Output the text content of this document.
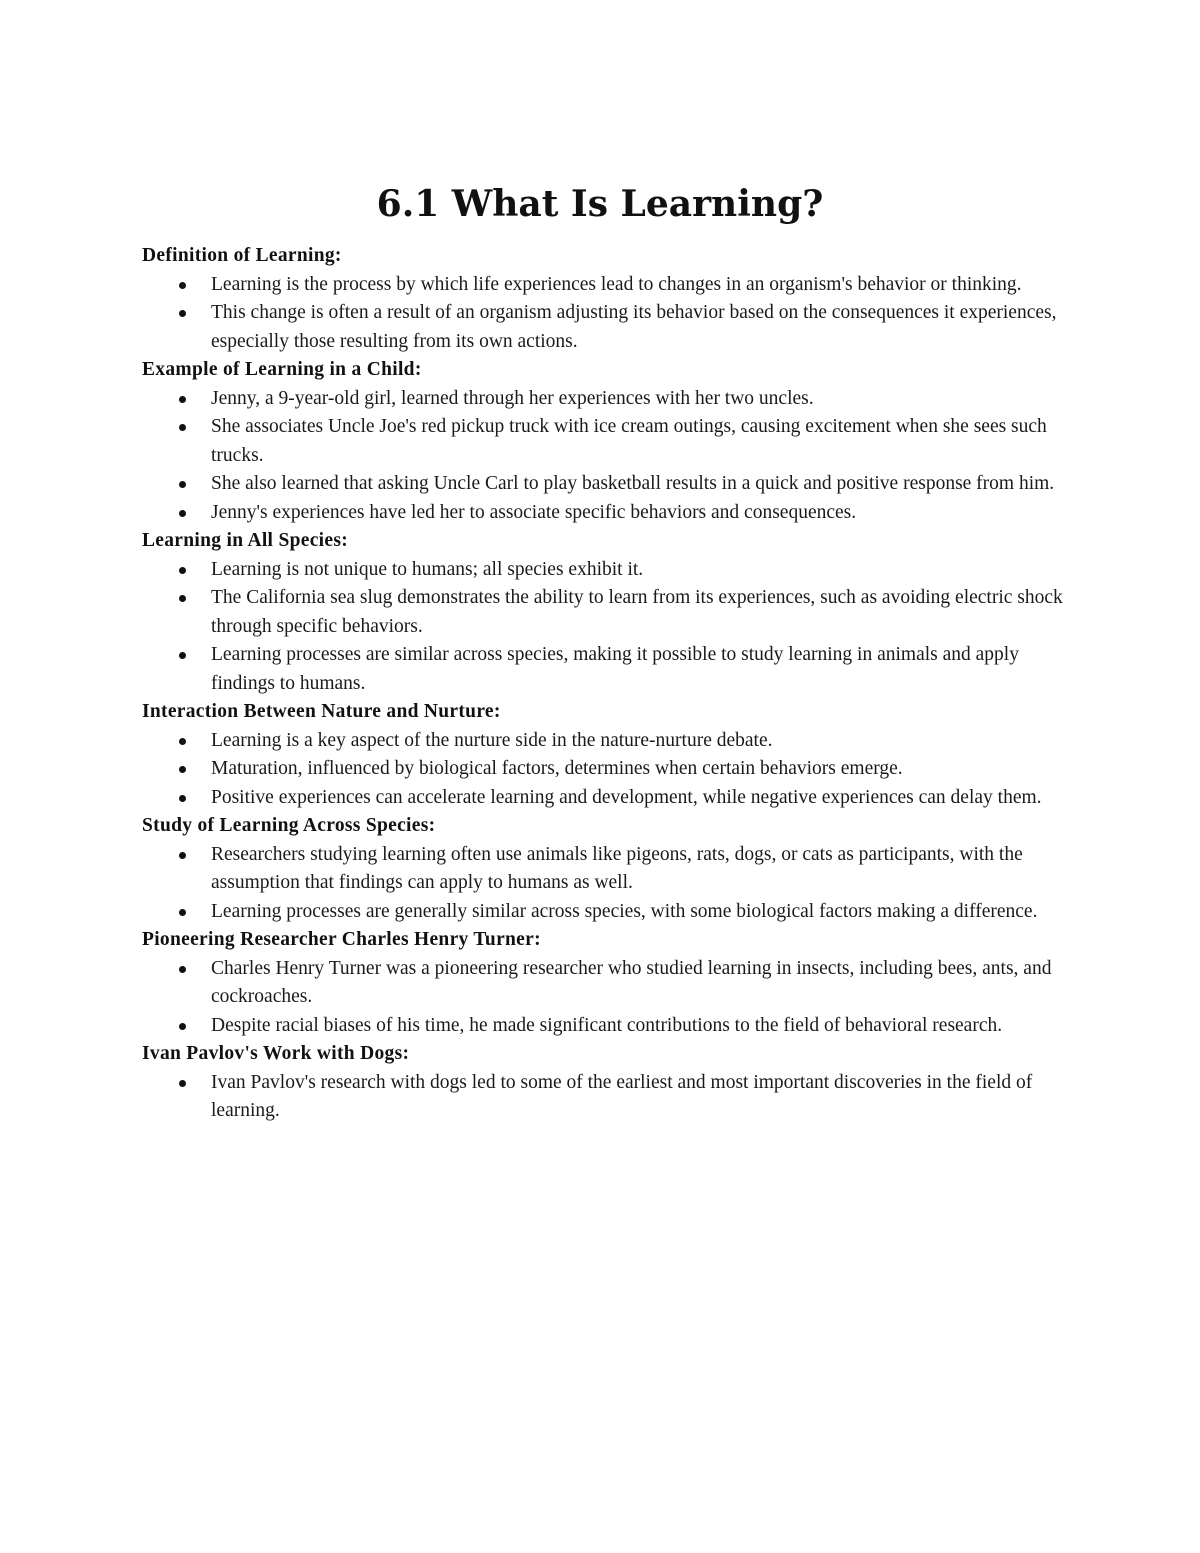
6.1 What Is Learning?
Definition of Learning:
Learning is the process by which life experiences lead to changes in an organism's behavior or thinking.
This change is often a result of an organism adjusting its behavior based on the consequences it experiences, especially those resulting from its own actions.
Example of Learning in a Child:
Jenny, a 9-year-old girl, learned through her experiences with her two uncles.
She associates Uncle Joe's red pickup truck with ice cream outings, causing excitement when she sees such trucks.
She also learned that asking Uncle Carl to play basketball results in a quick and positive response from him.
Jenny's experiences have led her to associate specific behaviors and consequences.
Learning in All Species:
Learning is not unique to humans; all species exhibit it.
The California sea slug demonstrates the ability to learn from its experiences, such as avoiding electric shock through specific behaviors.
Learning processes are similar across species, making it possible to study learning in animals and apply findings to humans.
Interaction Between Nature and Nurture:
Learning is a key aspect of the nurture side in the nature-nurture debate.
Maturation, influenced by biological factors, determines when certain behaviors emerge.
Positive experiences can accelerate learning and development, while negative experiences can delay them.
Study of Learning Across Species:
Researchers studying learning often use animals like pigeons, rats, dogs, or cats as participants, with the assumption that findings can apply to humans as well.
Learning processes are generally similar across species, with some biological factors making a difference.
Pioneering Researcher Charles Henry Turner:
Charles Henry Turner was a pioneering researcher who studied learning in insects, including bees, ants, and cockroaches.
Despite racial biases of his time, he made significant contributions to the field of behavioral research.
Ivan Pavlov's Work with Dogs:
Ivan Pavlov's research with dogs led to some of the earliest and most important discoveries in the field of learning.
